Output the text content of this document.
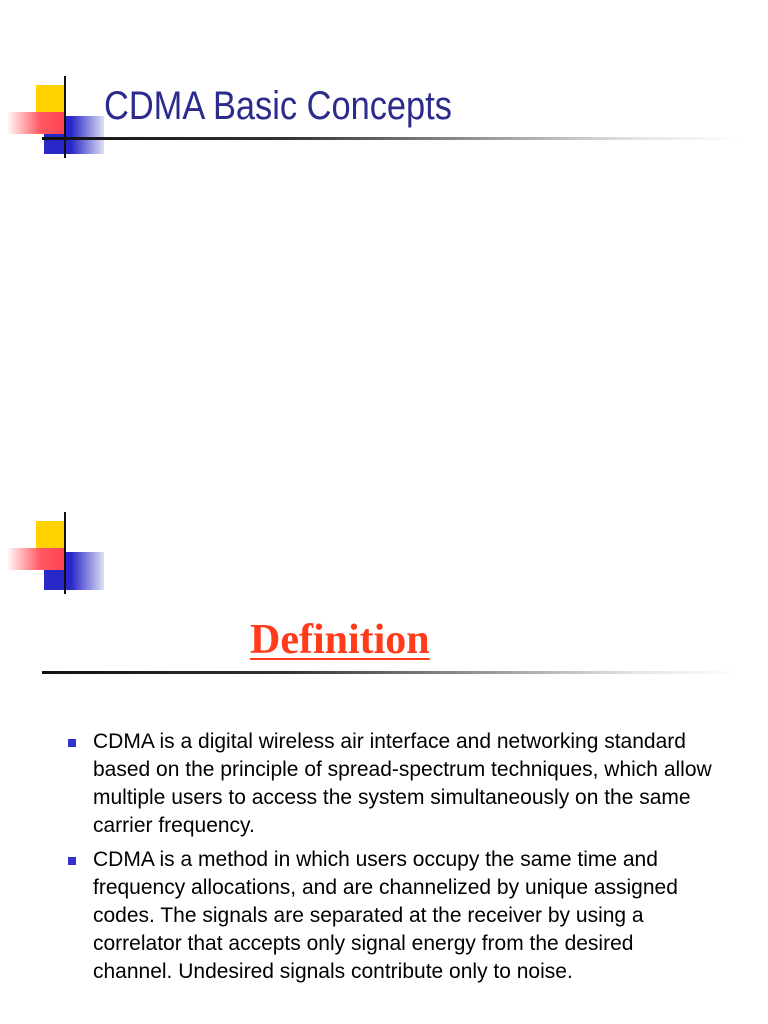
CDMA Basic Concepts
Definition
CDMA is a digital wireless air interface and networking standard based on the principle of spread-spectrum techniques, which allow multiple users to access the system simultaneously on the same carrier frequency.
CDMA is a method in which users occupy the same time and frequency allocations, and are channelized by unique assigned codes. The signals are separated at the receiver by using a correlator that accepts only signal energy from the desired channel. Undesired signals contribute only to noise.
